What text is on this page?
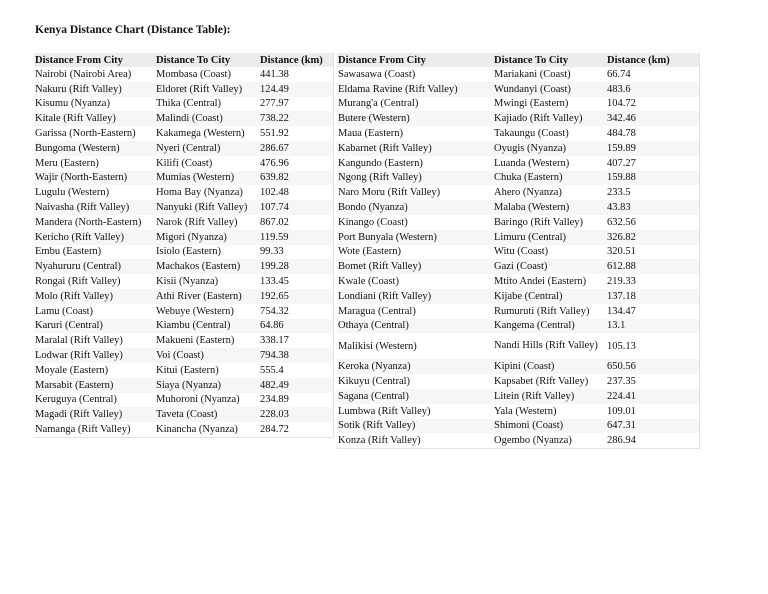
Kenya Distance Chart (Distance Table):
Distance From City	Distance To City	Distance (km)
Nairobi (Nairobi Area)	Mombasa (Coast)	441.38
Nakuru (Rift Valley)	Eldoret (Rift Valley)	124.49
Kisumu (Nyanza)	Thika (Central)	277.97
Kitale (Rift Valley)	Malindi (Coast)	738.22
Garissa (North-Eastern)	Kakamega (Western)	551.92
Bungoma (Western)	Nyeri (Central)	286.67
Meru (Eastern)	Kilifi (Coast)	476.96
Wajir (North-Eastern)	Mumias (Western)	639.82
Lugulu (Western)	Homa Bay (Nyanza)	102.48
Naivasha (Rift Valley)	Nanyuki (Rift Valley)	107.74
Mandera (North-Eastern)	Narok (Rift Valley)	867.02
Kericho (Rift Valley)	Migori (Nyanza)	119.59
Embu (Eastern)	Isiolo (Eastern)	99.33
Nyahururu (Central)	Machakos (Eastern)	199.28
Rongai (Rift Valley)	Kisii (Nyanza)	133.45
Molo (Rift Valley)	Athi River (Eastern)	192.65
Lamu (Coast)	Webuye (Western)	754.32
Karuri (Central)	Kiambu (Central)	64.86
Maralal (Rift Valley)	Makueni (Eastern)	338.17
Lodwar (Rift Valley)	Voi (Coast)	794.38
Moyale (Eastern)	Kitui (Eastern)	555.4
Marsabit (Eastern)	Siaya (Nyanza)	482.49
Keruguya (Central)	Muhoroni (Nyanza)	234.89
Magadi (Rift Valley)	Taveta (Coast)	228.03
Namanga (Rift Valley)	Kinancha (Nyanza)	284.72
Distance From City	Distance To City	Distance (km)
Sawasawa (Coast)	Mariakani (Coast)	66.74
Eldama Ravine (Rift Valley)	Wundanyi (Coast)	483.6
Murang'a (Central)	Mwingi (Eastern)	104.72
Butere (Western)	Kajiado (Rift Valley)	342.46
Maua (Eastern)	Takaungu (Coast)	484.78
Kabarnet (Rift Valley)	Oyugis (Nyanza)	159.89
Kangundo (Eastern)	Luanda (Western)	407.27
Ngong (Rift Valley)	Chuka (Eastern)	159.88
Naro Moru (Rift Valley)	Ahero (Nyanza)	233.5
Bondo (Nyanza)	Malaba (Western)	43.83
Kinango (Coast)	Baringo (Rift Valley)	632.56
Port Bunyala (Western)	Limuru (Central)	326.82
Wote (Eastern)	Witu (Coast)	320.51
Bomet (Rift Valley)	Gazi (Coast)	612.88
Kwale (Coast)	Mtito Andei (Eastern)	219.33
Londiani (Rift Valley)	Kijabe (Central)	137.18
Maragua (Central)	Rumuruti (Rift Valley)	134.47
Othaya (Central)	Kangema (Central)	13.1
Malikisi (Western)	Nandi Hills (Rift Valley)	105.13
Keroka (Nyanza)	Kipini (Coast)	650.56
Kikuyu (Central)	Kapsabet (Rift Valley)	237.35
Sagana (Central)	Litein (Rift Valley)	224.41
Lumbwa (Rift Valley)	Yala (Western)	109.01
Sotik (Rift Valley)	Shimoni (Coast)	647.31
Konza (Rift Valley)	Ogembo (Nyanza)	286.94
